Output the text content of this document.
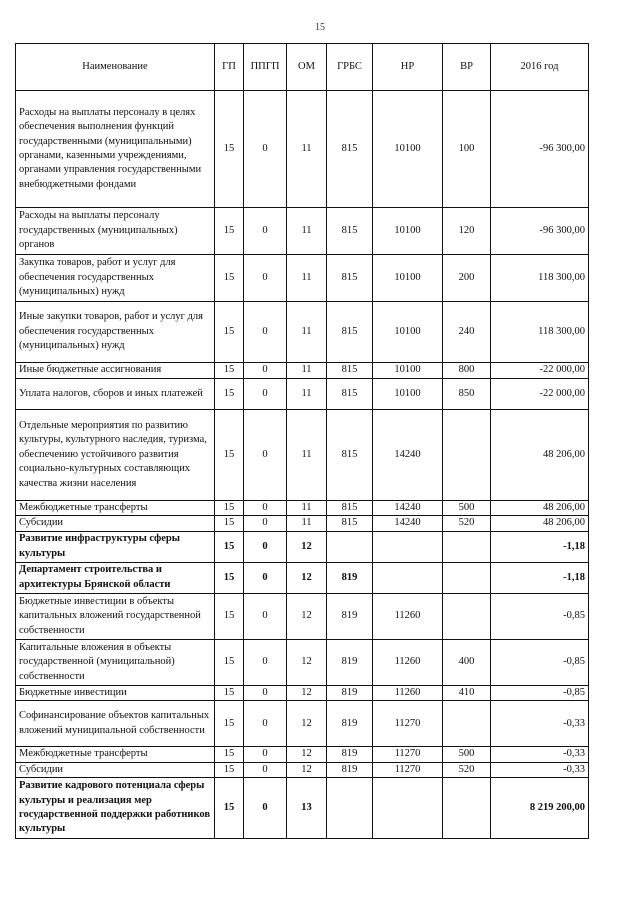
15
Наименование	ГП	ППГП	ОМ	ГРБС	НР	ВР	2016 год
Расходы на выплаты персоналу в целях обеспечения выполнения функций государственными (муниципальными) органами, казенными учреждениями, органами управления государственными внебюджетными фондами	15	0	11	815	10100	100	-96 300,00
Расходы на выплаты персоналу государственных (муниципальных) органов	15	0	11	815	10100	120	-96 300,00
Закупка товаров, работ и услуг для обеспечения государственных (муниципальных) нужд	15	0	11	815	10100	200	118 300,00
Иные закупки товаров, работ и услуг для обеспечения государственных (муниципальных) нужд	15	0	11	815	10100	240	118 300,00
Иные бюджетные ассигнования	15	0	11	815	10100	800	-22 000,00
Уплата налогов, сборов и иных платежей	15	0	11	815	10100	850	-22 000,00
Отдельные мероприятия по развитию культуры, культурного наследия, туризма, обеспечению устойчивого развития социально-культурных составляющих качества жизни населения	15	0	11	815	14240		48 206,00
Межбюджетные трансферты	15	0	11	815	14240	500	48 206,00
Субсидии	15	0	11	815	14240	520	48 206,00
Развитие инфраструктуры сферы культуры	15	0	12				-1,18
Департамент строительства и архитектуры Брянской области	15	0	12	819			-1,18
Бюджетные инвестиции в объекты капитальных вложений государственной собственности	15	0	12	819	11260		-0,85
Капитальные вложения в объекты государственной (муниципальной) собственности	15	0	12	819	11260	400	-0,85
Бюджетные инвестиции	15	0	12	819	11260	410	-0,85
Софинансирование объектов капитальных вложений муниципальной собственности	15	0	12	819	11270		-0,33
Межбюджетные трансферты	15	0	12	819	11270	500	-0,33
Субсидии	15	0	12	819	11270	520	-0,33
Развитие кадрового потенциала сферы культуры и реализация мер государственной поддержки работников культуры	15	0	13				8 219 200,00
